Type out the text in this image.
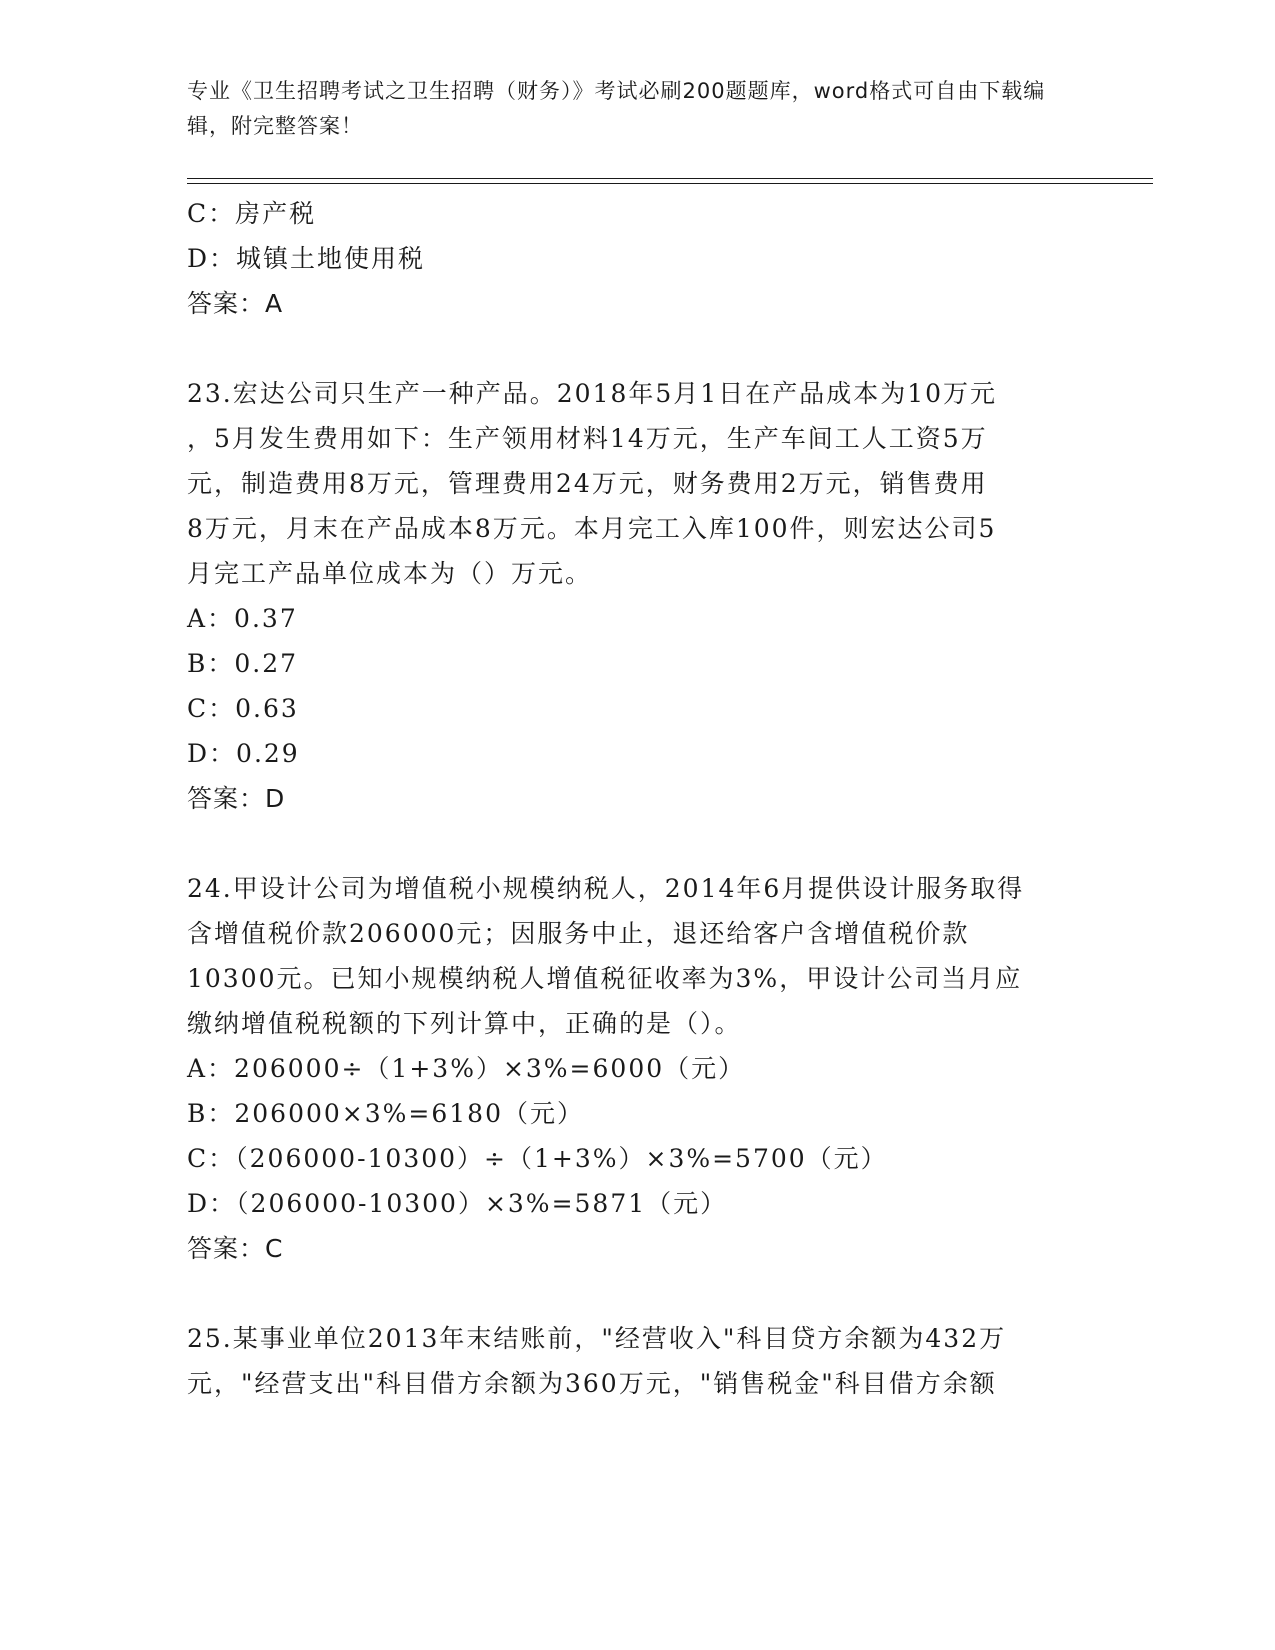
专业《卫生招聘考试之卫生招聘（财务）》考试必刷200题题库，word格式可自由下载编辑，附完整答案！
C：房产税
D：城镇土地使用税
答案：A
23.宏达公司只生产一种产品。2018年5月1日在产品成本为10万元
，5月发生费用如下：生产领用材料14万元，生产车间工人工资5万
元，制造费用8万元，管理费用24万元，财务费用2万元，销售费用
8万元，月末在产品成本8万元。本月完工入库100件，则宏达公司5
月完工产品单位成本为（）万元。
A：0.37
B：0.27
C：0.63
D：0.29
答案：D
24.甲设计公司为增值税小规模纳税人，2014年6月提供设计服务取得
含增值税价款206000元；因服务中止，退还给客户含增值税价款
10300元。已知小规模纳税人增值税征收率为3%，甲设计公司当月应
缴纳增值税税额的下列计算中，正确的是（）。
A：206000÷（1+3%）×3%=6000（元）
B：206000×3%=6180（元）
C：（206000-10300）÷（1+3%）×3%=5700（元）
D：（206000-10300）×3%=5871（元）
答案：C
25.某事业单位2013年末结账前，"经营收入"科目贷方余额为432万
元，"经营支出"科目借方余额为360万元，"销售税金"科目借方余额
